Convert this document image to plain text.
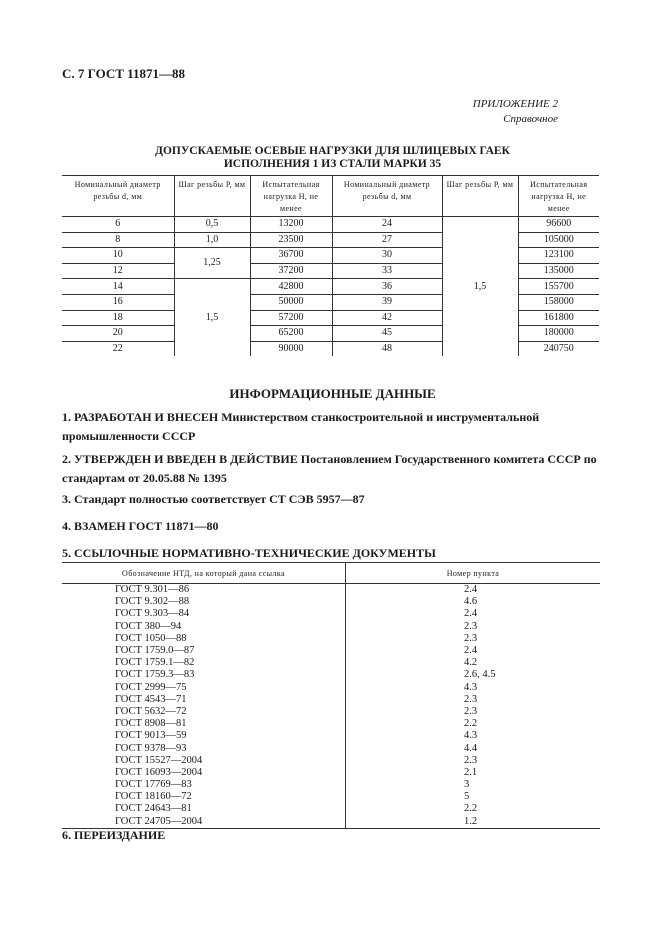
С. 7 ГОСТ 11871—88
ПРИЛОЖЕНИЕ 2
Справочное
ДОПУСКАЕМЫЕ ОСЕВЫЕ НАГРУЗКИ ДЛЯ ШЛИЦЕВЫХ ГАЕК
ИСПОЛНЕНИЯ 1 ИЗ СТАЛИ МАРКИ 35
Номинальный диаметр резьбы d, мм	Шаг резьбы Р, мм	Испытательная нагрузка Н, не менее	Номинальный диаметр резьбы d, мм	Шаг резьбы Р, мм	Испытательная нагрузка Н, не менее
6	0,5	13200	24	1,5	96600
8	1,0	23500	27		105000
10	1,25	36700	30		123100
12		37200	33		135000
14	1,5	42800	36		155700
16		50000	39		158000
18		57200	42		161800
20		65200	45		180000
22		90000	48		240750
ИНФОРМАЦИОННЫЕ ДАННЫЕ
1. РАЗРАБОТАН И ВНЕСЕН Министерством станкостроительной и инструментальной промышленности СССР
2. УТВЕРЖДЕН И ВВЕДЕН В ДЕЙСТВИЕ Постановлением Государственного комитета СССР по стандартам от 20.05.88 № 1395
3. Стандарт полностью соответствует СТ СЭВ 5957—87
4. ВЗАМЕН ГОСТ 11871—80
5. ССЫЛОЧНЫЕ НОРМАТИВНО-ТЕХНИЧЕСКИЕ ДОКУМЕНТЫ
Обозначение НТД, на который дана ссылка	Номер пункта
ГОСТ 9.301—86	2.4
ГОСТ 9.302—88	4.6
ГОСТ 9.303—84	2.4
ГОСТ 380—94	2.3
ГОСТ 1050—88	2.3
ГОСТ 1759.0—87	2.4
ГОСТ 1759.1—82	4.2
ГОСТ 1759.3—83	2.6, 4.5
ГОСТ 2999—75	4.3
ГОСТ 4543—71	2.3
ГОСТ 5632—72	2.3
ГОСТ 8908—81	2.2
ГОСТ 9013—59	4.3
ГОСТ 9378—93	4.4
ГОСТ 15527—2004	2.3
ГОСТ 16093—2004	2.1
ГОСТ 17769—83	3
ГОСТ 18160—72	5
ГОСТ 24643—81	2.2
ГОСТ 24705—2004	1.2
6. ПЕРЕИЗДАНИЕ
